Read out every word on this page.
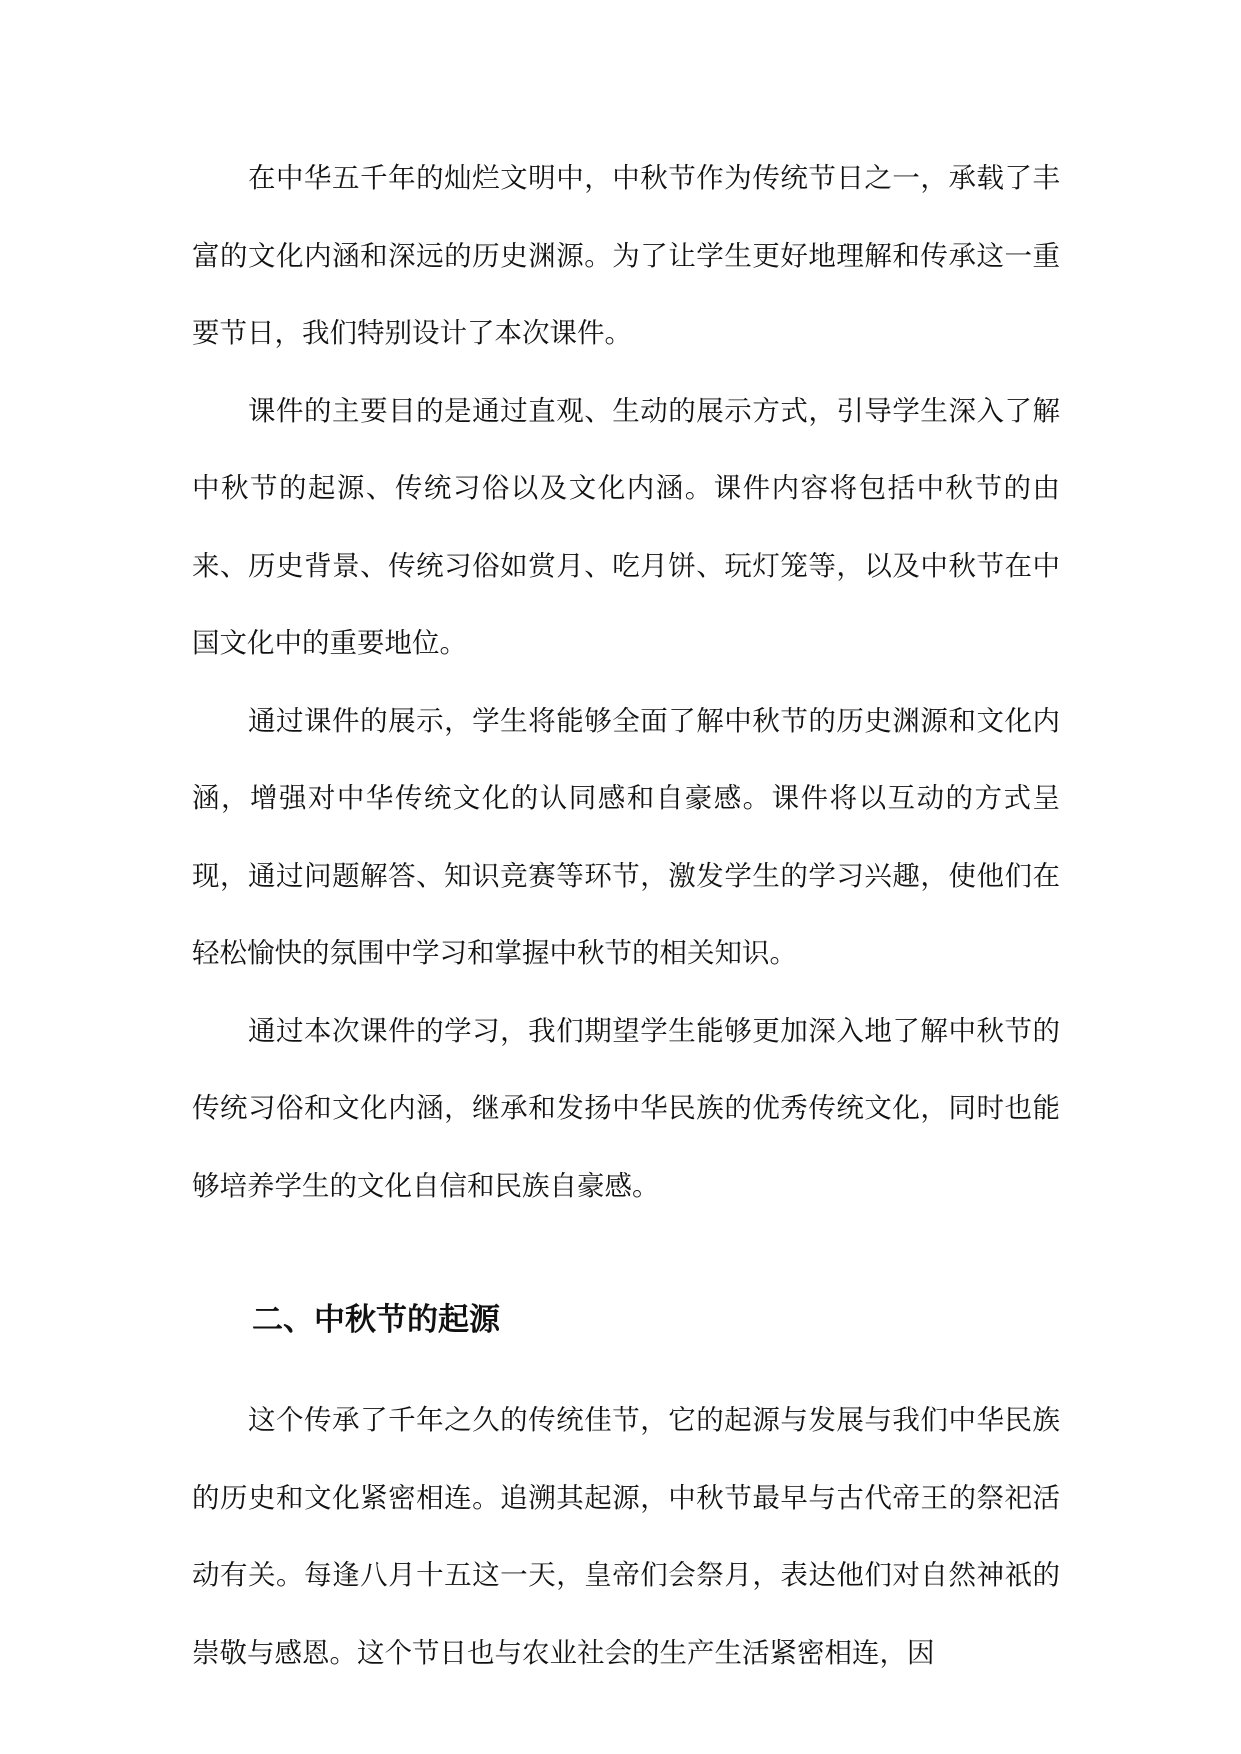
在中华五千年的灿烂文明中，中秋节作为传统节日之一，承载了丰富的文化内涵和深远的历史渊源。为了让学生更好地理解和传承这一重要节日，我们特别设计了本次课件。

课件的主要目的是通过直观、生动的展示方式，引导学生深入了解中秋节的起源、传统习俗以及文化内涵。课件内容将包括中秋节的由来、历史背景、传统习俗如赏月、吃月饼、玩灯笼等，以及中秋节在中国文化中的重要地位。

通过课件的展示，学生将能够全面了解中秋节的历史渊源和文化内涵，增强对中华传统文化的认同感和自豪感。课件将以互动的方式呈现，通过问题解答、知识竞赛等环节，激发学生的学习兴趣，使他们在轻松愉快的氛围中学习和掌握中秋节的相关知识。

通过本次课件的学习，我们期望学生能够更加深入地了解中秋节的传统习俗和文化内涵，继承和发扬中华民族的优秀传统文化，同时也能够培养学生的文化自信和民族自豪感。

二、中秋节的起源

这个传承了千年之久的传统佳节，它的起源与发展与我们中华民族的历史和文化紧密相连。追溯其起源，中秋节最早与古代帝王的祭祀活动有关。每逢八月十五这一天，皇帝们会祭月，表达他们对自然神祇的崇敬与感恩。这个节日也与农业社会的生产生活紧密相连，因
